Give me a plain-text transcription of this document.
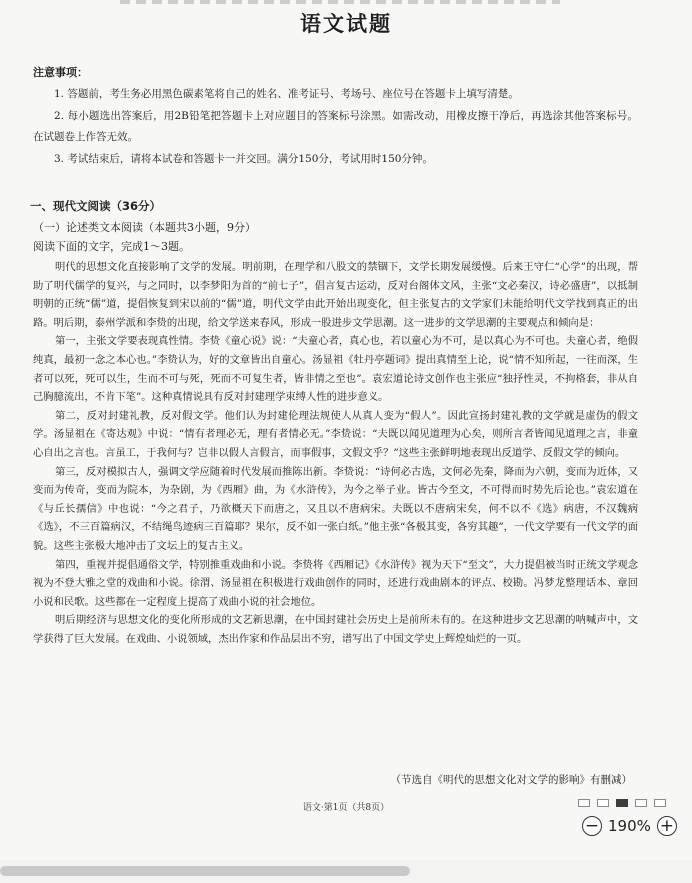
语文试题
注意事项：

1. 答题前，考生务必用黑色碳素笔将自己的姓名、准考证号、考场号、座位号在答题卡上填写清楚。

2. 每小题选出答案后，用2B铅笔把答题卡上对应题目的答案标号涂黑。如需改动，用橡皮擦干净后，再选涂其他答案标号。在试题卷上作答无效。

3. 考试结束后，请将本试卷和答题卡一并交回。满分150分，考试用时150分钟。

一、现代文阅读（36分）
（一）论述类文本阅读（本题共3小题，9分）
阅读下面的文字，完成1～3题。

明代的思想文化直接影响了文学的发展。明前期，在理学和八股文的禁锢下，文学长期发展缓慢。后来王守仁“心学”的出现，帮助了明代儒学的复兴，与之同时，以李梦阳为首的“前七子”，倡言复古运动，反对台阁体文风，主张“文必秦汉，诗必盛唐”，以抵制明朝的正统“儒”道，提倡恢复到宋以前的“儒”道，明代文学由此开始出现变化，但主张复古的文学家们未能给明代文学找到真正的出路。明后期，泰州学派和李贽的出现，给文学送来春风，形成一股进步文学思潮。这一进步的文学思潮的主要观点和倾向是：

第一，主张文学要表现真性情。李贽《童心说》说：“夫童心者，真心也，若以童心为不可，是以真心为不可也。夫童心者，绝假纯真，最初一念之本心也。”李贽认为，好的文章皆出自童心。汤显祖《牡丹亭题词》提出真情至上论，说“情不知所起，一往而深，生者可以死，死可以生，生而不可与死，死而不可复生者，皆非情之至也”。袁宏道论诗文创作也主张应“独抒性灵，不拘格套，非从自己胸臆流出，不肯下笔”。这种真情说具有反对封建理学束缚人性的进步意义。

第二，反对封建礼教，反对假文学。他们认为封建伦理法规使人从真人变为“假人”。因此宣扬封建礼教的文学就是虚伪的假文学。汤显祖在《寄达观》中说：“情有者理必无，理有者情必无。”李贽说：“夫既以闻见道理为心矣，则所言者皆闻见道理之言，非童心自出之言也。言虽工，于我何与？岂非以假人言假言，而事假事，文假文乎？”这些主张鲜明地表现出反道学、反假文学的倾向。

第三，反对模拟古人，强调文学应随着时代发展而推陈出新。李贽说：“诗何必古选，文何必先秦，降而为六朝，变而为近体，又变而为传奇，变而为院本，为杂剧，为《西厢》曲，为《水浒传》，为今之举子业。皆古今至文，不可得而时势先后论也。”袁宏道在《与丘长孺信》中也说：“今之君子，乃欲概天下而唐之，又且以不唐病宋。夫既以不唐病宋矣，何不以不《选》病唐，不汉魏病《选》，不三百篇病汉，不结绳鸟迹病三百篇耶？果尔，反不如一张白纸。”他主张“各极其变，各穷其趣”，一代文学要有一代文学的面貌。这些主张极大地冲击了文坛上的复古主义。

第四，重视并提倡通俗文学，特别推重戏曲和小说。李贽将《西厢记》《水浒传》视为天下“至文”，大力提倡被当时正统文学观念视为不登大雅之堂的戏曲和小说。徐渭、汤显祖在积极进行戏曲创作的同时，还进行戏曲剧本的评点、校勘。冯梦龙整理话本、章回小说和民歌。这些都在一定程度上提高了戏曲小说的社会地位。

明后期经济与思想文化的变化所形成的文艺新思潮，在中国封建社会历史上是前所未有的。在这种进步文艺思潮的呐喊声中，文学获得了巨大发展。在戏曲、小说领域，杰出作家和作品层出不穷，谱写出了中国文学史上辉煌灿烂的一页。

（节选自《明代的思想文化对文学的影响》有删减）
语文·第1页（共8页）
− 190% +
